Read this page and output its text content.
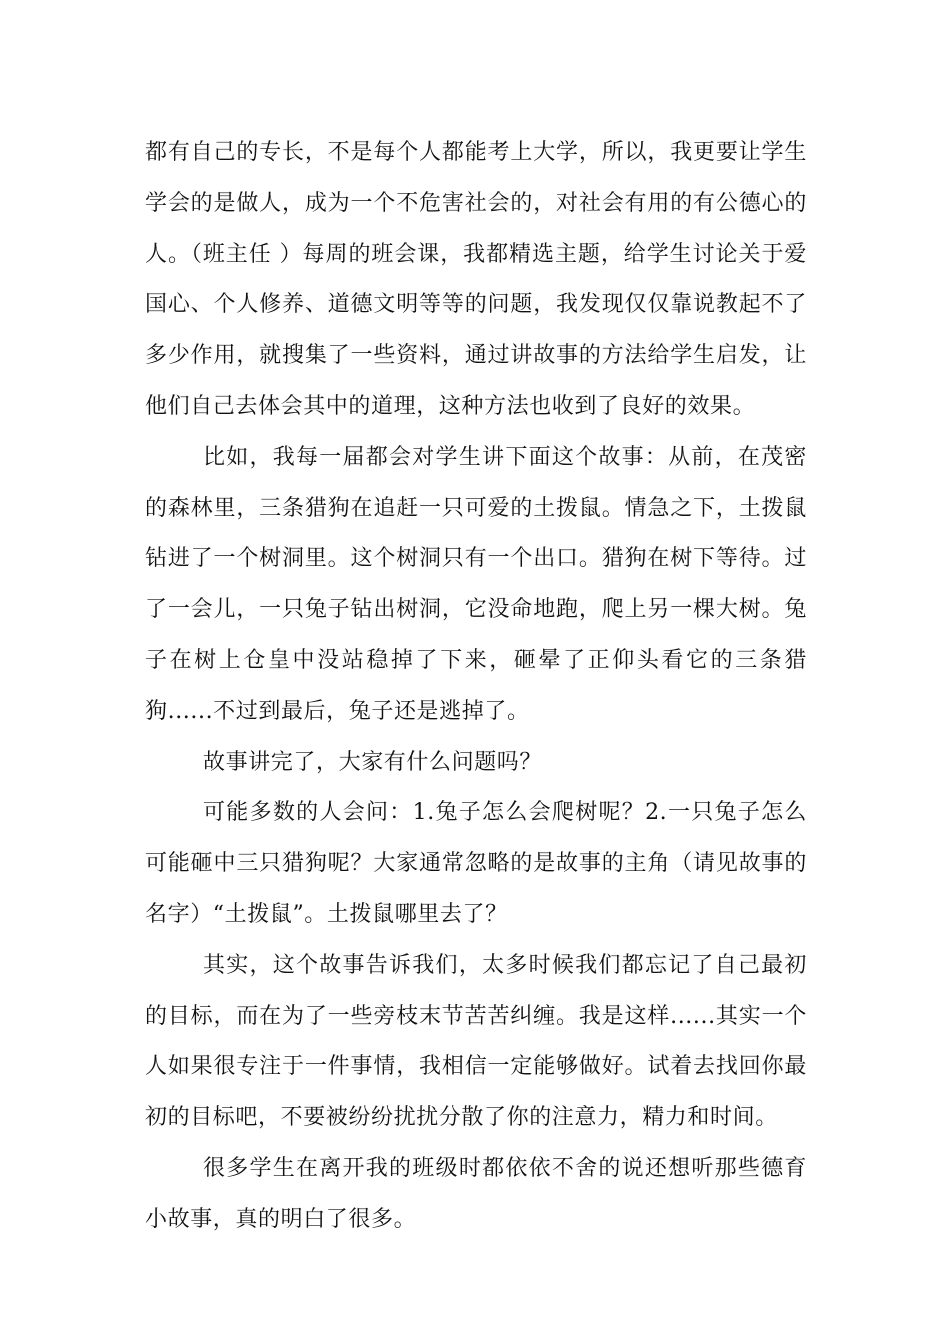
都有自己的专长，不是每个人都能考上大学，所以，我更要让学生学会的是做人，成为一个不危害社会的，对社会有用的有公德心的人。（班主任 ）每周的班会课，我都精选主题，给学生讨论关于爱国心、个人修养、道德文明等等的问题，我发现仅仅靠说教起不了多少作用，就搜集了一些资料，通过讲故事的方法给学生启发，让他们自己去体会其中的道理，这种方法也收到了良好的效果。

比如，我每一届都会对学生讲下面这个故事：从前，在茂密的森林里，三条猎狗在追赶一只可爱的土拨鼠。情急之下，土拨鼠钻进了一个树洞里。这个树洞只有一个出口。猎狗在树下等待。过了一会儿，一只兔子钻出树洞，它没命地跑，爬上另一棵大树。兔子在树上仓皇中没站稳掉了下来，砸晕了正仰头看它的三条猎狗......不过到最后，兔子还是逃掉了。

故事讲完了，大家有什么问题吗？

可能多数的人会问：1.兔子怎么会爬树呢？2.一只兔子怎么可能砸中三只猎狗呢？大家通常忽略的是故事的主角（请见故事的名字）“土拨鼠”。土拨鼠哪里去了？

其实，这个故事告诉我们，太多时候我们都忘记了自己最初的目标，而在为了一些旁枝末节苦苦纠缠。我是这样......其实一个人如果很专注于一件事情，我相信一定能够做好。试着去找回你最初的目标吧，不要被纷纷扰扰分散了你的注意力，精力和时间。

很多学生在离开我的班级时都依依不舍的说还想听那些德育小故事，真的明白了很多。
